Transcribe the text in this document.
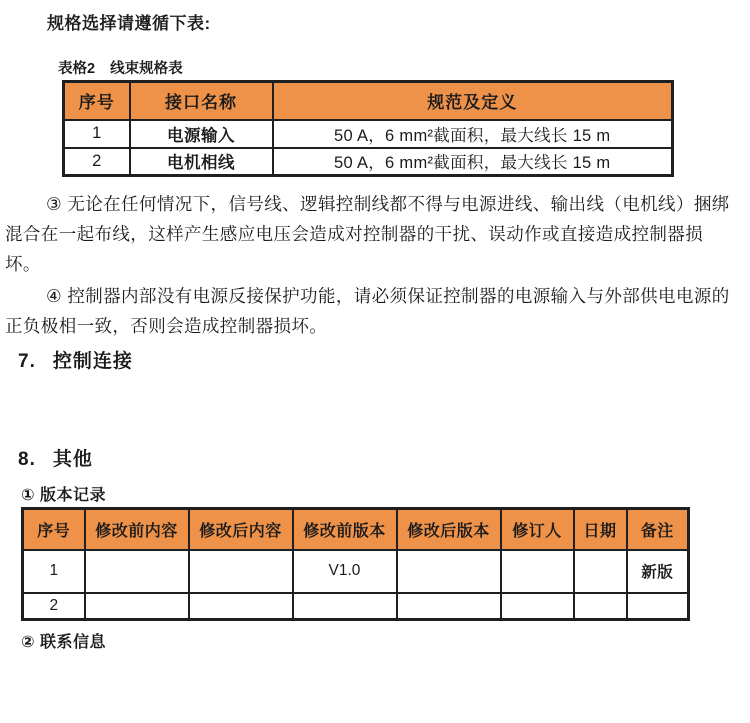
规格选择请遵循下表:
表格2 线束规格表
序号	接口名称	规范及定义
1	电源输入	50 A，6 mm²截面积，最大线长 15 m
2	电机相线	50 A，6 mm²截面积，最大线长 15 m
③ 无论在任何情况下，信号线、逻辑控制线都不得与电源进线、输出线（电机线）捆绑
混合在一起布线，这样产生感应电压会造成对控制器的干扰、误动作或直接造成控制器损
坏。
④ 控制器内部没有电源反接保护功能，请必须保证控制器的电源输入与外部供电电源的
正负极相一致，否则会造成控制器损坏。
7. 控制连接
8. 其他
① 版本记录
序号	修改前内容	修改后内容	修改前版本	修改后版本	修订人	日期	备注
1			V1.0				新版
2							
② 联系信息
